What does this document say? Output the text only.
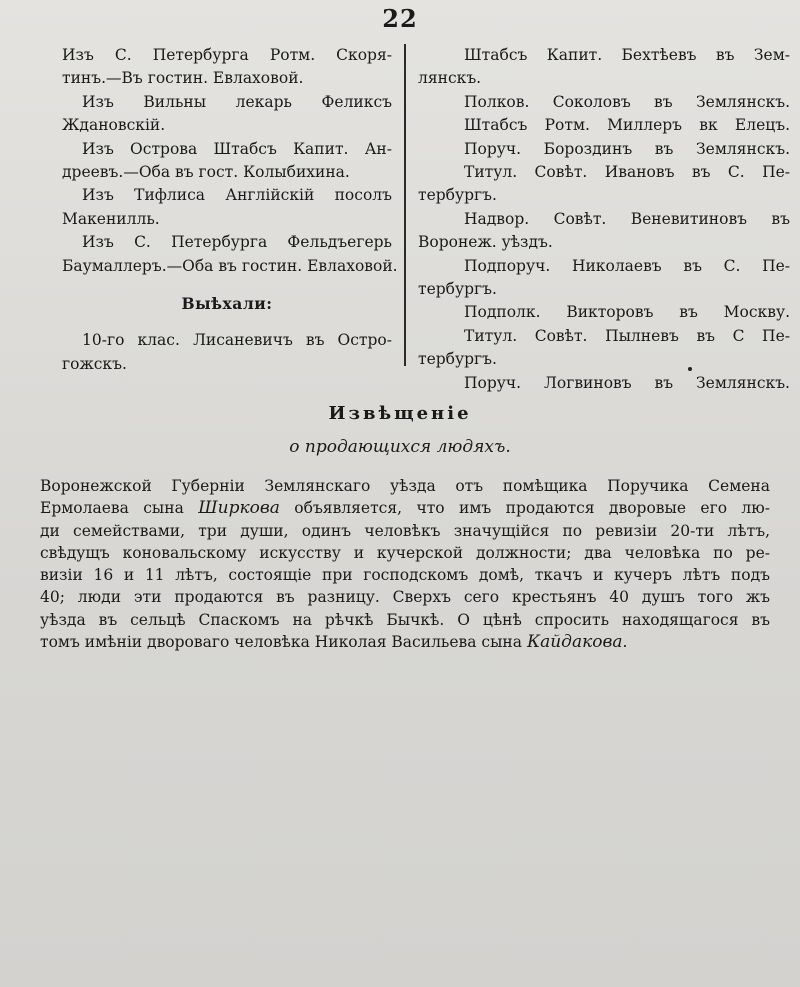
22
Изъ С. Петербурга Ротм. Скоря-
тинъ.—Въ гостин. Евлаховой.
Изъ Вильны лекарь Феликсъ
Ждановскій.
Изъ Острова Штабсъ Капит. Ан-
дреевъ.—Оба въ гост. Колыбихина.
Изъ Тифлиса Англійскій посолъ
Макенилль.
Изъ С. Петербурга Фельдъегерь
Баумаллеръ.—Оба въ гостин. Евлаховой.
Выѣхали:
10-го клас. Лисаневичъ въ Остро-
гожскъ.
Штабсъ Капит. Бехтѣевъ въ Зем-
лянскъ.
Полков. Соколовъ въ Землянскъ.
Штабсъ Ротм. Миллеръ вк Елецъ.
Поруч. Бороздинъ въ Землянскъ.
Титул. Совѣт. Ивановъ въ С. Пе-
тербургъ.
Надвор. Совѣт. Веневитиновъ въ
Воронеж. уѣздъ.
Подпоруч. Николаевъ въ С. Пе-
тербургъ.
Подполк. Викторовъ въ Москву.
Титул. Совѣт. Пылневъ въ С Пе-
тербургъ.
Поруч. Логвиновъ въ Землянскъ.
Извѣщеніе
о продающихся людяхъ.
Воронежской Губерніи Землянскаго уѣзда отъ помѣщика Поручика Семена
Ермолаева сына Ширкова объявляется, что имъ продаются дворовые его лю-
ди семействами, три души, одинъ человѣкъ значущійся по ревизіи 20-ти лѣтъ,
свѣдущъ коновальскому искусству и кучерской должности; два человѣка по ре-
визіи 16 и 11 лѣтъ, состоящіе при господскомъ домѣ, ткачъ и кучеръ лѣтъ подъ
40; люди эти продаются въ разницу. Сверхъ сего крестьянъ 40 душъ того жъ
уѣзда въ сельцѣ Спаскомъ на рѣчкѣ Бычкѣ. О цѣнѣ спросить находящагося въ
томъ имѣніи двороваго человѣка Николая Васильева сына Кайдакова.
